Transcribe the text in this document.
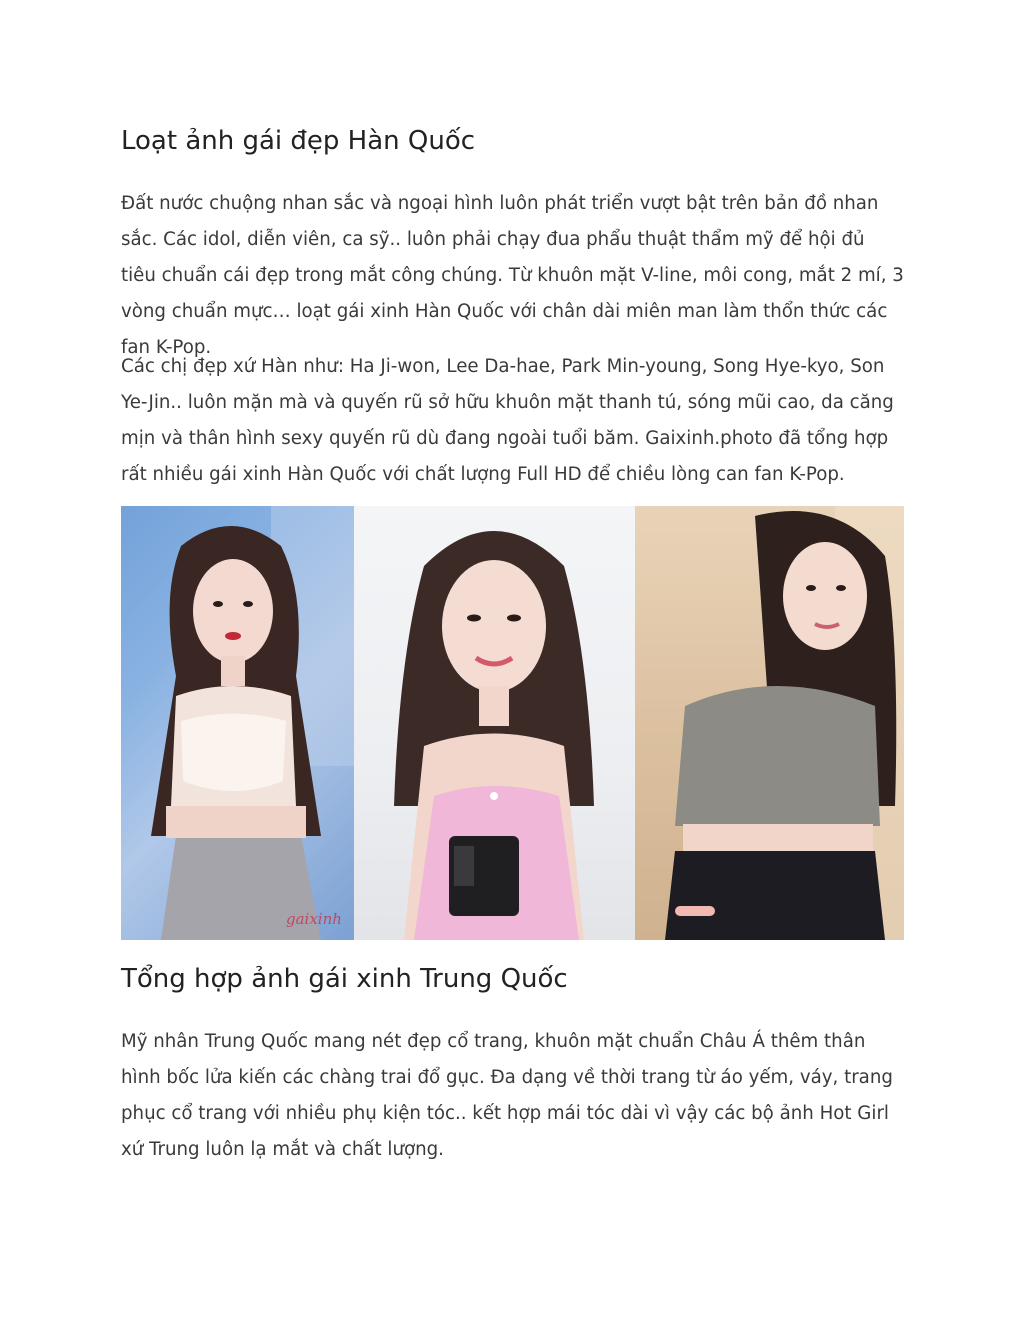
Loạt ảnh gái đẹp Hàn Quốc

Đất nước chuộng nhan sắc và ngoại hình luôn phát triển vượt bật trên bản đồ nhan sắc. Các idol, diễn viên, ca sỹ.. luôn phải chạy đua phẩu thuật thẩm mỹ để hội đủ tiêu chuẩn cái đẹp trong mắt công chúng. Từ khuôn mặt V-line, môi cong, mắt 2 mí, 3 vòng chuẩn mực… loạt gái xinh Hàn Quốc với chân dài miên man làm thổn thức các fan K-Pop.

Các chị đẹp xứ Hàn như: Ha Ji-won, Lee Da-hae, Park Min-young, Song Hye-kyo, Son Ye-Jin.. luôn mặn mà và quyến rũ sở hữu khuôn mặt thanh tú, sóng mũi cao, da căng mịn và thân hình sexy quyến rũ dù đang ngoài tuổi băm. Gaixinh.photo đã tổng hợp rất nhiều gái xinh Hàn Quốc với chất lượng Full HD để chiều lòng can fan K-Pop.

gaixinh
Tổng hợp ảnh gái xinh Trung Quốc

Mỹ nhân Trung Quốc mang nét đẹp cổ trang, khuôn mặt chuẩn Châu Á thêm thân hình bốc lửa kiến các chàng trai đổ gục. Đa dạng về thời trang từ áo yếm, váy, trang phục cổ trang với nhiều phụ kiện tóc.. kết hợp mái tóc dài vì vậy các bộ ảnh Hot Girl xứ Trung luôn lạ mắt và chất lượng.
